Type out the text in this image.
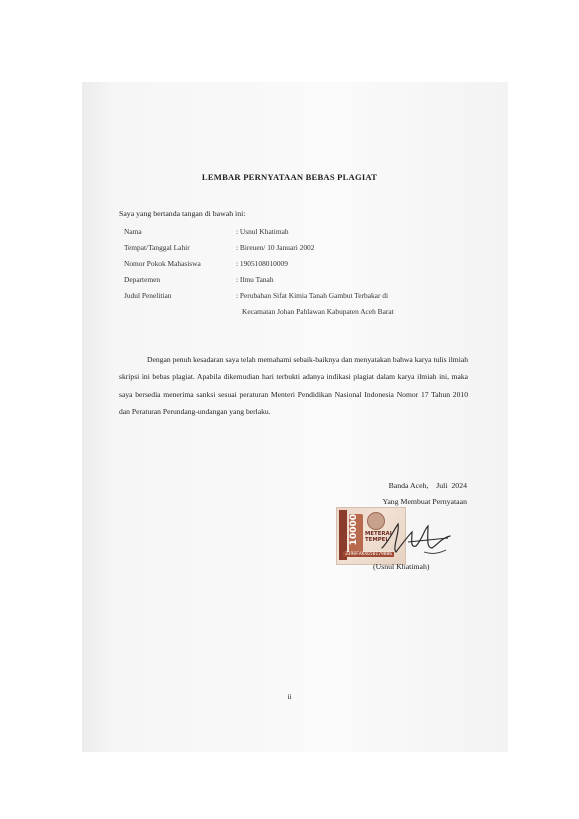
LEMBAR PERNYATAAN BEBAS PLAGIAT
Saya yang bertanda tangan di bawah ini:
Nama	: Usnul Khatimah
Tempat/Tanggal Lahir	: Bireuen/ 10 Januari 2002
Nomor Pokok Mahasiswa	: 1905108010009
Departemen	: Ilmu Tanah
Judul Penelitian	: Perubahan Sifat Kimia Tanah Gambut Terbakar di
Kecamatan Johan Pahlawan Kabupaten Aceh Barat
Dengan penuh kesadaran saya telah memahami sebaik-baiknya dan menyatakan bahwa karya tulis ilmiah skripsi ini bebas plagiat. Apabila dikemudian hari terbukti adanya indikasi plagiat dalam karya ilmiah ini, maka saya bersedia menerima sanksi sesuai peraturan Menteri Pendidikan Nasional Indonesia Nomor 17 Tahun 2010 dan Peraturan Perundang-undangan yang berlaku.
Banda Aceh,    Juli  2024
Yang Membuat Pernyataan
10000 METERAI TEMPEL
3398FAKX650179886
(Usnul Khatimah)
ii
